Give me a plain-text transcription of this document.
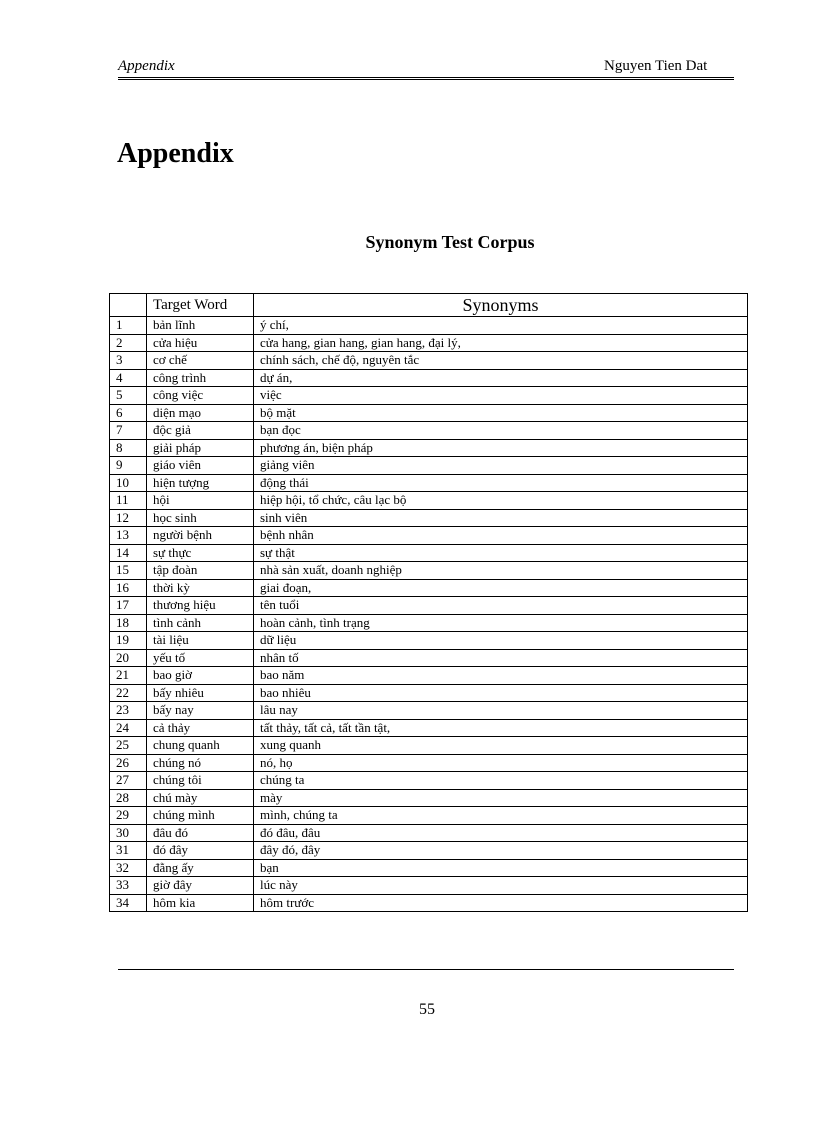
Appendix	Nguyen Tien Dat
Appendix
Synonym Test Corpus
	Target Word	Synonyms
1	bản lĩnh	ý chí,
2	cửa hiệu	cửa hang, gian hang, gian hang, đại lý,
3	cơ chế	chính sách, chế độ, nguyên tắc
4	công trình	dự án,
5	công việc	việc
6	diện mạo	bộ mặt
7	độc giả	bạn đọc
8	giải pháp	phương án, biện pháp
9	giáo viên	giảng viên
10	hiện tượng	động thái
11	hội	hiệp hội, tổ chức, câu lạc bộ
12	học sinh	sinh viên
13	người bệnh	bệnh nhân
14	sự thực	sự thật
15	tập đoàn	nhà sản xuất, doanh nghiệp
16	thời kỳ	giai đoạn,
17	thương hiệu	tên tuổi
18	tình cảnh	hoàn cảnh, tình trạng
19	tài liệu	dữ liệu
20	yếu tố	nhân tố
21	bao giờ	bao năm
22	bấy nhiêu	bao nhiêu
23	bấy nay	lâu nay
24	cả thảy	tất thảy, tất cả, tất tần tật,
25	chung quanh	xung quanh
26	chúng nó	nó, họ
27	chúng tôi	chúng ta
28	chú mày	mày
29	chúng mình	mình, chúng ta
30	đâu đó	đó đâu, đâu
31	đó đây	đây đó, đây
32	đằng ấy	bạn
33	giờ đây	lúc này
34	hôm kia	hôm trước
55
